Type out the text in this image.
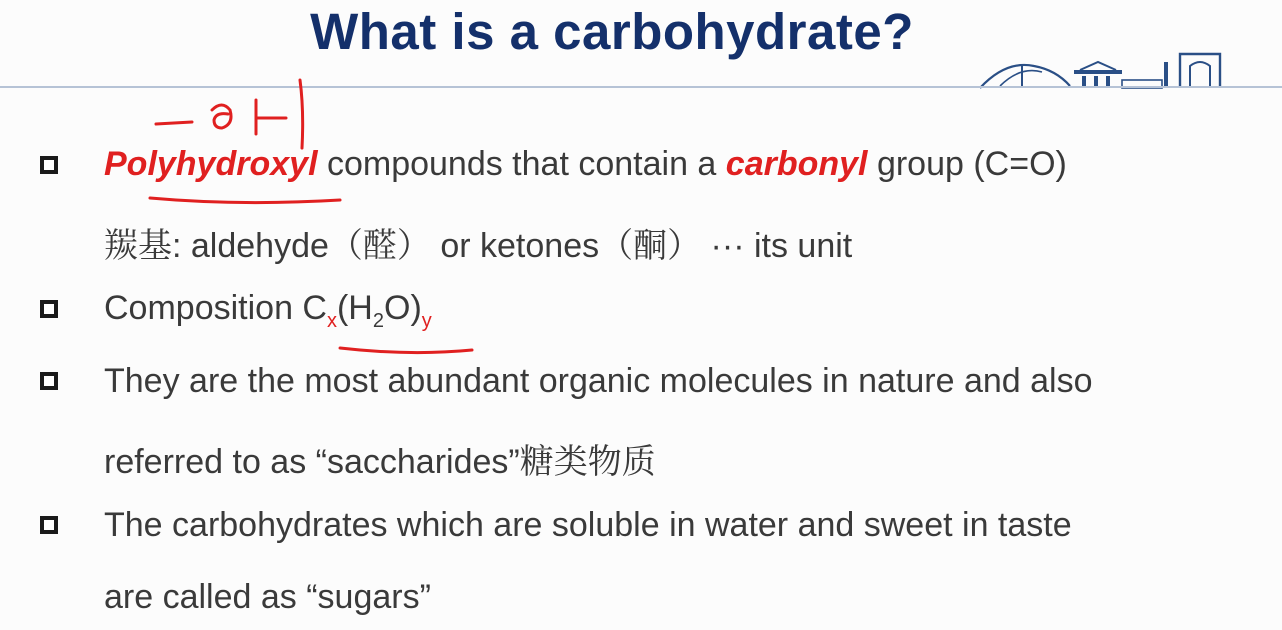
What is a carbohydrate?
Polyhydroxyl compounds that contain a carbonyl group (C=O)
羰基: aldehyde（醛） or ketones（酮） ··· its unit
Composition $C_x(H_2O)_y$
They are the most abundant organic molecules in nature and also
referred to as “saccharides”糖类物质
The carbohydrates which are soluble in water and sweet in taste
are called as “sugars”
